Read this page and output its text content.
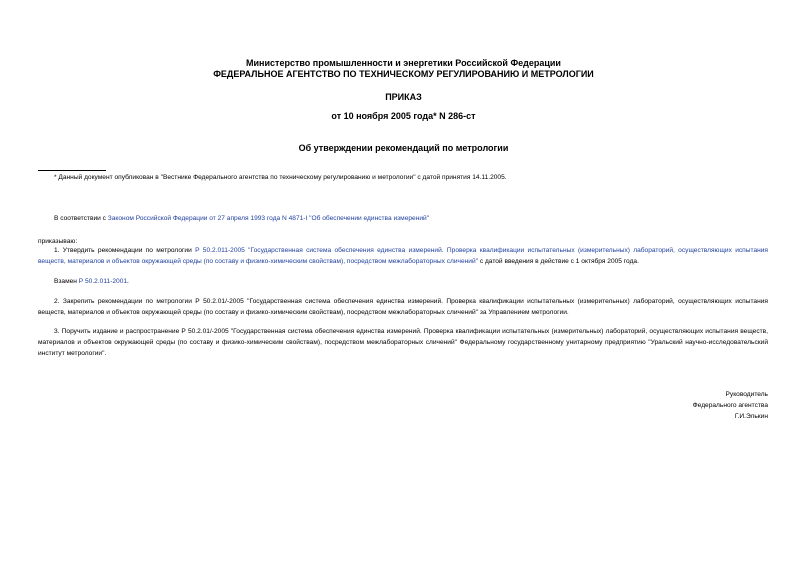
Министерство промышленности и энергетики Российской Федерации
ФЕДЕРАЛЬНОЕ АГЕНТСТВО ПО ТЕХНИЧЕСКОМУ РЕГУЛИРОВАНИЮ И МЕТРОЛОГИИ
ПРИКАЗ
от 10 ноября 2005 года* N 286-ст
Об утверждении рекомендаций по метрологии
* Данный документ опубликован в "Вестнике Федерального агентства по техническому регулированию и метрологии" с датой принятия 14.11.2005.
В соответствии с Законом Российской Федерации от 27 апреля 1993 года N 4871-I "Об обеспечении единства измерений"
приказываю:
1. Утвердить рекомендации по метрологии Р 50.2.011-2005 "Государственная система обеспечения единства измерений. Проверка квалификации испытательных (измерительных) лабораторий, осуществляющих испытания веществ, материалов и объектов окружающей среды (по составу и физико-химическим свойствам), посредством межлабораторных сличений" с датой введения в действие с 1 октября 2005 года.
Взамен Р 50.2.011-2001.
2. Закрепить рекомендации по метрологии Р 50.2.01/-2005 "Государственная система обеспечения единства измерений. Проверка квалификации испытательных (измерительных) лабораторий, осуществляющих испытания веществ, материалов и объектов окружающей среды (по составу и физико-химическим свойствам), посредством межлабораторных сличений" за Управлением метрологии.
3. Поручить издание и распространение Р 50.2.01/-2005 "Государственная система обеспечения единства измерений. Проверка квалификации испытательных (измерительных) лабораторий, осуществляющих испытания веществ, материалов и объектов окружающей среды (по составу и физико-химическим свойствам), посредством межлабораторных сличений" Федеральному государственному унитарному предприятию "Уральский научно-исследовательский институт метрологии".
Руководитель
Федерального агентства
Г.И.Элькин
